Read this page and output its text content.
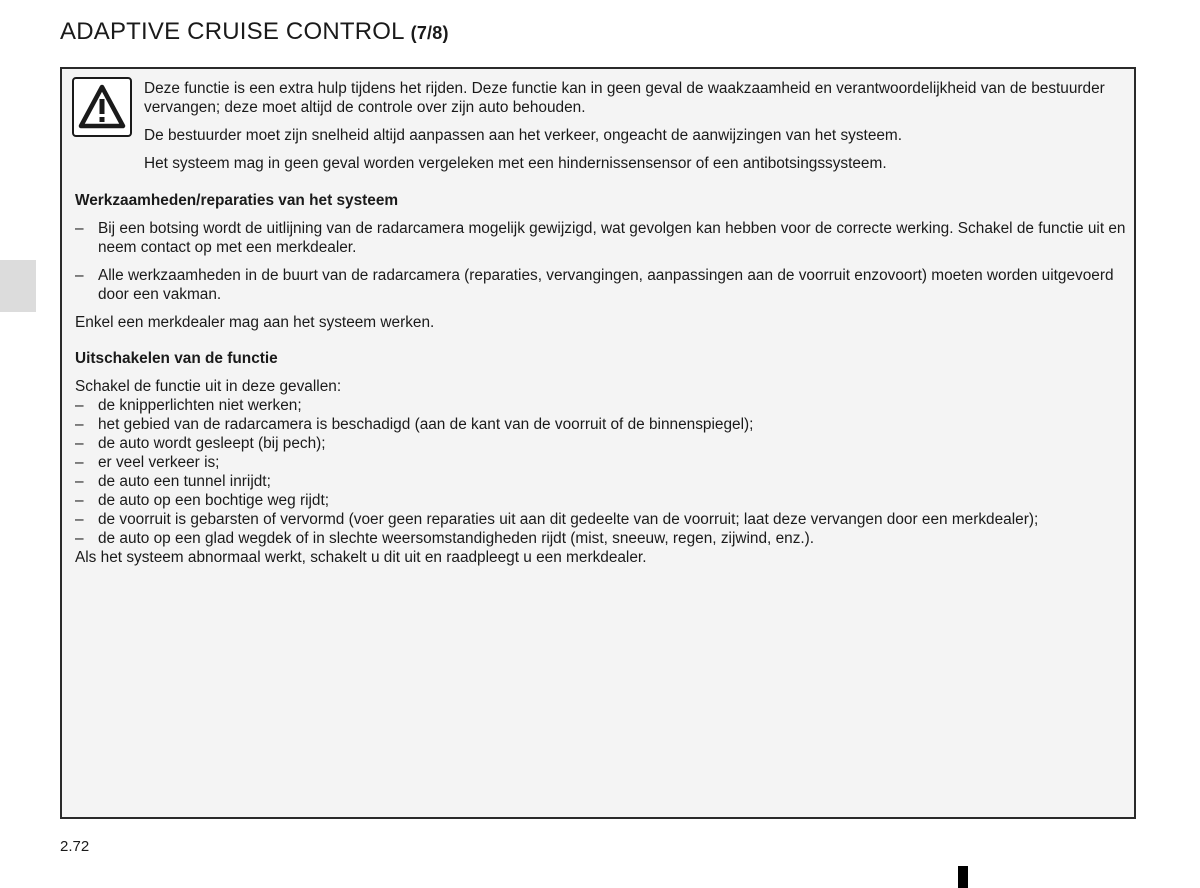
ADAPTIVE CRUISE CONTROL (7/8)

Deze functie is een extra hulp tijdens het rijden. Deze functie kan in geen geval de waakzaamheid en verantwoordelijkheid van de bestuurder vervangen; deze moet altijd de controle over zijn auto behouden.

De bestuurder moet zijn snelheid altijd aanpassen aan het verkeer, ongeacht de aanwijzingen van het systeem.

Het systeem mag in geen geval worden vergeleken met een hindernissensensor of een antibotsingssysteem.

Werkzaamheden/reparaties van het systeem
– Bij een botsing wordt de uitlijning van de radarcamera mogelijk gewijzigd, wat gevolgen kan hebben voor de correcte werking. Schakel de functie uit en neem contact op met een merkdealer.
– Alle werkzaamheden in de buurt van de radarcamera (reparaties, vervangingen, aanpassingen aan de voorruit enzovoort) moeten worden uitgevoerd door een vakman.
Enkel een merkdealer mag aan het systeem werken.
Uitschakelen van de functie
Schakel de functie uit in deze gevallen:
– de knipperlichten niet werken;
– het gebied van de radarcamera is beschadigd (aan de kant van de voorruit of de binnenspiegel);
– de auto wordt gesleept (bij pech);
– er veel verkeer is;
– de auto een tunnel inrijdt;
– de auto op een bochtige weg rijdt;
– de voorruit is gebarsten of vervormd (voer geen reparaties uit aan dit gedeelte van de voorruit; laat deze vervangen door een merkdealer);
– de auto op een glad wegdek of in slechte weersomstandigheden rijdt (mist, sneeuw, regen, zijwind, enz.).
Als het systeem abnormaal werkt, schakelt u dit uit en raadpleegt u een merkdealer.
2.72
